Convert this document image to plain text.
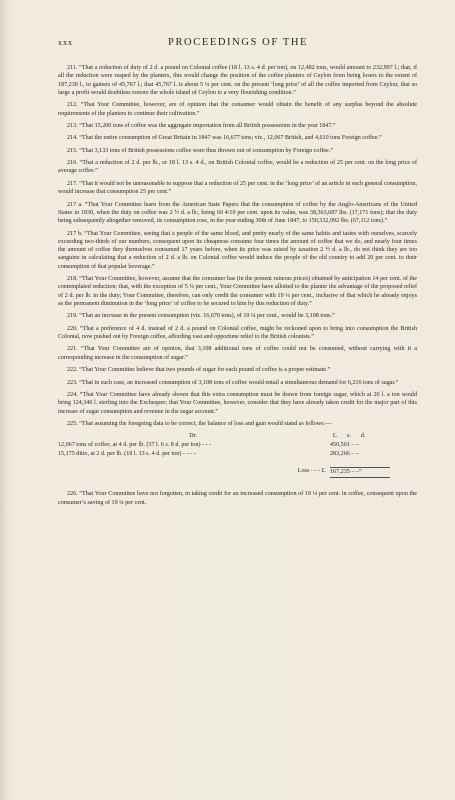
xxx	PROCEEDINGS OF THE

211. “That a reduction of duty of 2 d. a pound on Colonial coffee (18 l. 13 s. 4 d. per ton), on 12,482 tons, would amount to 232,997 l.; that, if all the reduction were reaped by the planters, this would change the position of the coffee planters of Ceylon from being losers to the extent of 187,230 l., to gainers of 45,767 l.; that 45,767 l. is about 5 ¼ per cent. on the present ‘long price’ of all the coffee imported from Ceylon; that so large a profit would doubtless restore the whole island of Ceylon to a very flourishing condition.”

212. “That Your Committee, however, are of opinion that the consumer would obtain the benefit of any surplus beyond the absolute requirements of the planters to continue their cultivation.”

213. “That 15,200 tons of coffee was the aggregate importation from all British possessions in the year 1847.”

214. “That the entire consumption of Great Britain in 1847 was 16,677 tons; viz., 12,067 British, and 4,610 tons Foreign coffee.”

215. “That 3,133 tons of British possessions coffee were thus thrown out of consumption by Foreign coffee.”

216. “That a reduction of 2 d. per lb., or 18 l. 13 s. 4 d., on British Colonial coffee, would be a reduction of 25 per cent. on the long price of average coffee.”

217. “That it would not be unreasonable to suppose that a reduction of 25 per cent. in the ‘long price’ of an article in such general consumption, would increase that consumption 25 per cent.”

217 a. “That Your Committee learn from the American State Papers that the consumption of coffee by the Anglo-Americans of the United States in 1830, when the duty on coffee was 2 ½ d. a lb., being 60 4/10 per cent. upon its value, was 38,363,687 lbs. (17,171 tons); that the duty being subsequently altogether removed, its consumption rose, in the year ending 30th of June 1847, to 150,332,992 lbs. (67,112 tons).”

217 b. “That Your Committee, seeing that a people of the same blood, and pretty nearly of the same habits and tastes with ourselves, scarcely exceeding two-thirds of our numbers, consequent upon its cheapness consume four times the amount of coffee that we do, and nearly four times the amount of coffee they themselves consumed 17 years before, when its price was raised by taxation 2 ½ d. a lb., do not think they are too sanguine in calculating that a reduction of 2 d. a lb. on Colonial coffee would induce the people of the old country to add 20 per cent. to their consumption of that popular beverage.”

218. “That Your Committee, however, assume that the consumer has (in the present ruinous prices) obtained by anticipation 14 per cent. of the contemplated reduction; that, with the exception of 5 ¼ per cent., Your Committee have allotted to the planter the advantage of the proposed relief of 2 d. per lb. in the duty; Your Committee, therefore, can only credit the consumer with 19 ¼ per cent., inclusive of that which he already enjoys as the permanent diminution in the ‘long price’ of coffee to be secured to him by this reduction of duty.”

219. “That an increase in the present consumption (viz. 16,670 tons), of 19 ¼ per cent., would be 3,108 tons.”

220. “That a preference of 4 d. instead of 2 d. a pound on Colonial coffee, might be reckoned upon to bring into consumption the British Colonial, now pushed out by Foreign coffee, affording vast and opportune relief to the British colonists.”

221. “That Your Committee are of opinion, that 3,108 additional tons of coffee could not be consumed, without carrying with it a corresponding increase in the consumption of sugar.”

222. “That Your Committee believe that two pounds of sugar for each pound of coffee is a proper estimate.”

223. “That in such case, an increased consumption of 3,108 tons of coffee would entail a simultaneous demand for 6,216 tons of sugar.”

224. “That Your Committee have already shown that this extra consumption must be drawn from foreign sugar, which at 20 l. a ton would bring 124,340 l. sterling into the Exchequer; that Your Committee, however, consider that they have already taken credit for the major part of this increase of sugar consumption and revenue in the sugar account.”

225. “That assuming the foregoing data to be correct, the balance of loss and gain would stand as follows:—

Dr.	£.	s.	d.
12,067 tons of coffee, at 4 d. per lb. (37 l. 6 s. 8 d. per ton) - - -	450,501 – –
15,175 ditto, at 2 d. per lb. (18 l. 13 s. 4 d. per ton) - - - -	283,266 – –
Loss - - - £. 167,235 – –”

226. “That Your Committee have not forgotten, in taking credit for an increased consumption of 19 ¼ per cent. in coffee, consequent upon the consumer’s saving of 19 ¼ per cent.
